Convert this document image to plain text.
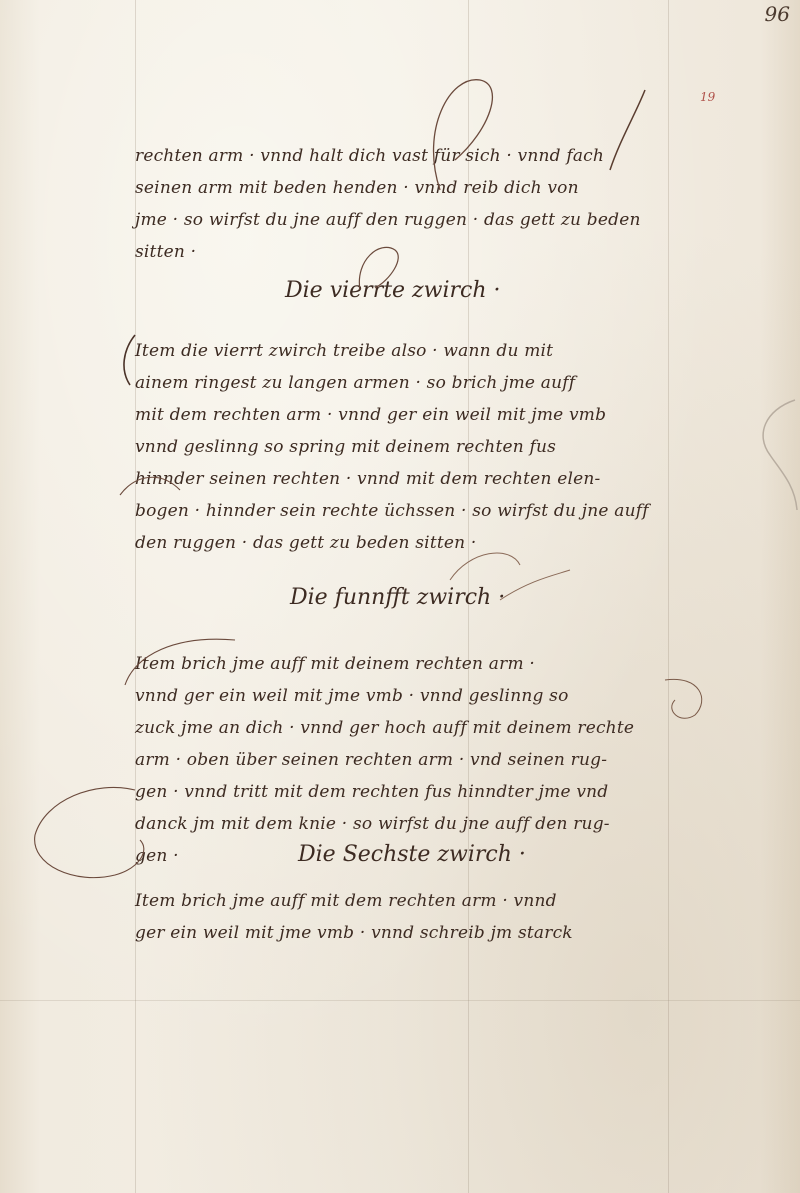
96
19
rechten arm · vnnd halt dich vast für sich · vnnd fach
seinen arm mit beden henden · vnnd reib dich von
jme · so wirfst du jne auff den ruggen · das gett zu beden
sitten ·
Die vierrte zwirch ·
Item die vierrt zwirch treibe also · wann du mit
ainem ringest zu langen armen · so brich jme auff
mit dem rechten arm · vnnd ger ein weil mit jme vmb
vnnd geslinng so spring mit deinem rechten fus
hinnder seinen rechten · vnnd mit dem rechten elen-
bogen · hinnder sein rechte üchssen · so wirfst du jne auff
den ruggen · das gett zu beden sitten ·
Die funnfft zwirch ·
Item brich jme auff mit deinem rechten arm ·
vnnd ger ein weil mit jme vmb · vnnd geslinng so
zuck jme an dich · vnnd ger hoch auff mit deinem rechte
arm · oben über seinen rechten arm · vnd seinen rug-
gen · vnnd tritt mit dem rechten fus hinndter jme vnd
danck jm mit dem knie · so wirfst du jne auff den rug-
gen ·	Die Sechste zwirch ·
Item brich jme auff mit dem rechten arm · vnnd
ger ein weil mit jme vmb · vnnd schreib jm starck
